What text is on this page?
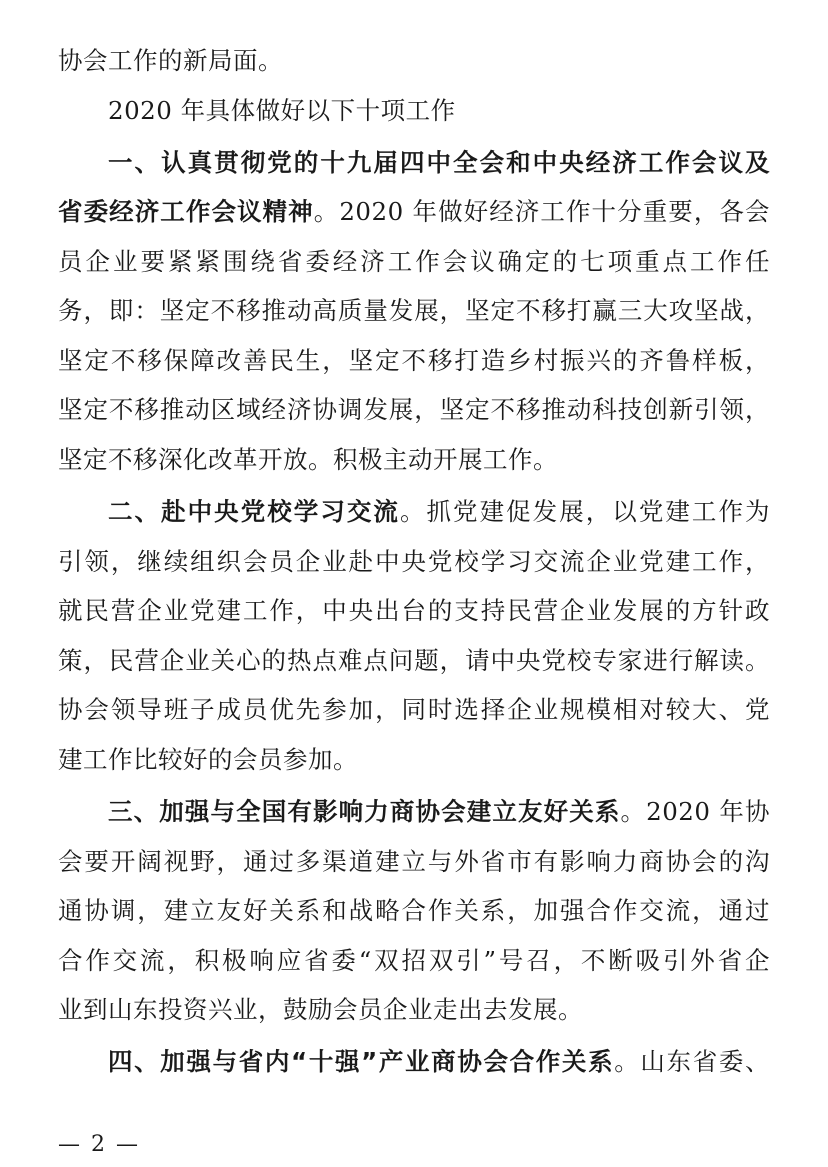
协会工作的新局面。
2020 年具体做好以下十项工作
一、认真贯彻党的十九届四中全会和中央经济工作会议及
省委经济工作会议精神。2020 年做好经济工作十分重要，各会
员企业要紧紧围绕省委经济工作会议确定的七项重点工作任
务，即：坚定不移推动高质量发展，坚定不移打赢三大攻坚战，
坚定不移保障改善民生，坚定不移打造乡村振兴的齐鲁样板，
坚定不移推动区域经济协调发展，坚定不移推动科技创新引领，
坚定不移深化改革开放。积极主动开展工作。
二、赴中央党校学习交流。抓党建促发展，以党建工作为
引领，继续组织会员企业赴中央党校学习交流企业党建工作，
就民营企业党建工作，中央出台的支持民营企业发展的方针政
策，民营企业关心的热点难点问题，请中央党校专家进行解读。
协会领导班子成员优先参加，同时选择企业规模相对较大、党
建工作比较好的会员参加。
三、加强与全国有影响力商协会建立友好关系。2020 年协
会要开阔视野，通过多渠道建立与外省市有影响力商协会的沟
通协调，建立友好关系和战略合作关系，加强合作交流，通过
合作交流，积极响应省委“双招双引”号召，不断吸引外省企
业到山东投资兴业，鼓励会员企业走出去发展。
四、加强与省内“十强”产业商协会合作关系。山东省委、
— 2 —
